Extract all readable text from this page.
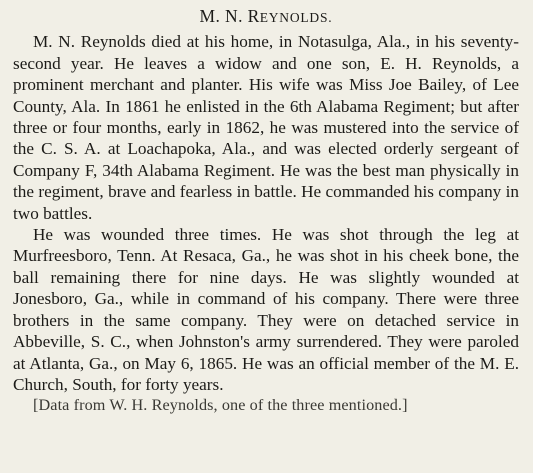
M. N. REYNOLDS.

M. N. Reynolds died at his home, in Notasulga, Ala., in his seventy-second year. He leaves a widow and one son, E. H. Reynolds, a prominent merchant and planter. His wife was Miss Joe Bailey, of Lee County, Ala. In 1861 he enlisted in the 6th Alabama Regiment; but after three or four months, early in 1862, he was mustered into the service of the C. S. A. at Loachapoka, Ala., and was elected orderly sergeant of Company F, 34th Alabama Regiment. He was the best man physically in the regiment, brave and fearless in battle. He commanded his company in two battles.

He was wounded three times. He was shot through the leg at Murfreesboro, Tenn. At Resaca, Ga., he was shot in his cheek bone, the ball remaining there for nine days. He was slightly wounded at Jonesboro, Ga., while in command of his company. There were three brothers in the same company. They were on detached service in Abbeville, S. C., when Johnston's army surrendered. They were paroled at Atlanta, Ga., on May 6, 1865. He was an official member of the M. E. Church, South, for forty years.

[Data from W. H. Reynolds, one of the three mentioned.]
